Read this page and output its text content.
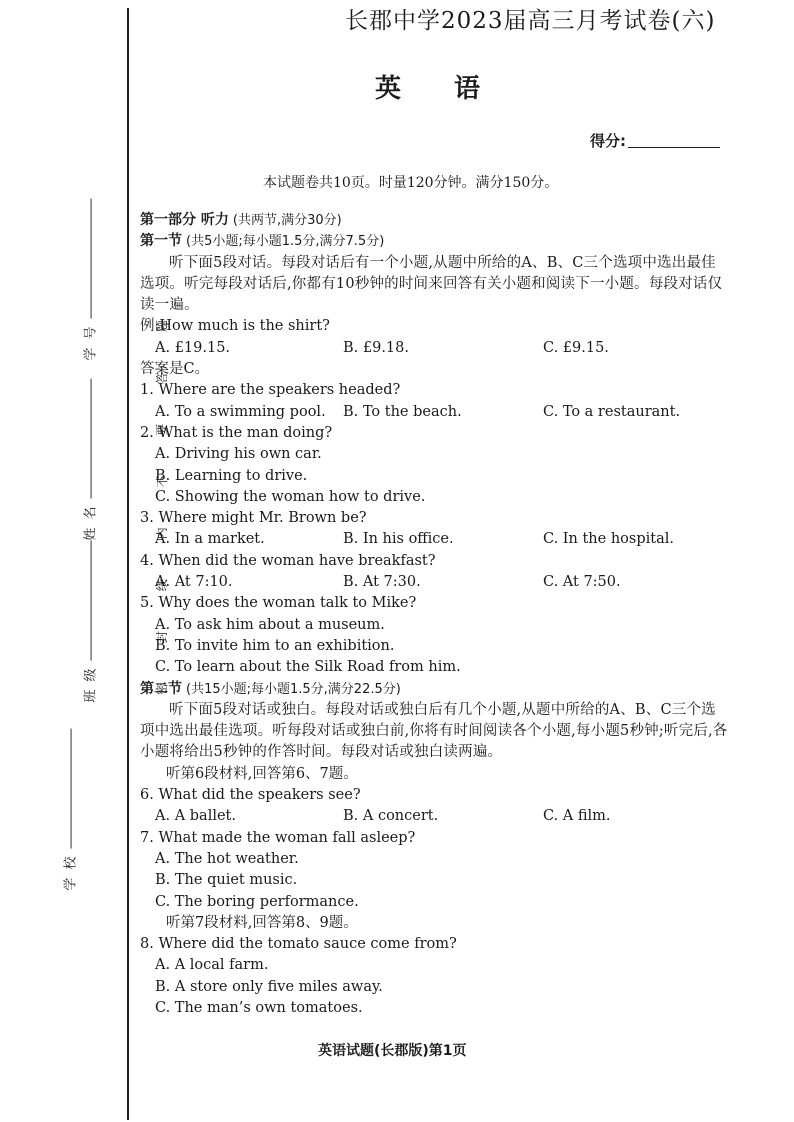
学 校
班 级
姓 名
学 号	密 封 线 内 不 要 答 题
长郡中学2023届高三月考试卷(六)
英 语
得分:
本试题卷共10页。时量120分钟。满分150分。

第一部分 听力 (共两节,满分30分)

第一节 (共5小题;每小题1.5分,满分7.5分)

听下面5段对话。每段对话后有一个小题,从题中所给的A、B、C三个选项中选出最佳选项。听完每段对话后,你都有10秒钟的时间来回答有关小题和阅读下一小题。每段对话仅读一遍。

例:How much is the shirt?

A. £19.15.	B. £9.18.	C. £9.15.

答案是C。

1. Where are the speakers headed?

A. To a swimming pool.	B. To the beach.	C. To a restaurant.

2. What is the man doing?

A. Driving his own car.

B. Learning to drive.

C. Showing the woman how to drive.

3. Where might Mr. Brown be?

A. In a market.	B. In his office.	C. In the hospital.

4. When did the woman have breakfast?

A. At 7:10.	B. At 7:30.	C. At 7:50.

5. Why does the woman talk to Mike?

A. To ask him about a museum.

B. To invite him to an exhibition.

C. To learn about the Silk Road from him.

第二节 (共15小题;每小题1.5分,满分22.5分)

听下面5段对话或独白。每段对话或独白后有几个小题,从题中所给的A、B、C三个选项中选出最佳选项。听每段对话或独白前,你将有时间阅读各个小题,每小题5秒钟;听完后,各小题将给出5秒钟的作答时间。每段对话或独白读两遍。

听第6段材料,回答第6、7题。

6. What did the speakers see?

A. A ballet.	B. A concert.	C. A film.

7. What made the woman fall asleep?

A. The hot weather.

B. The quiet music.

C. The boring performance.

听第7段材料,回答第8、9题。

8. Where did the tomato sauce come from?

A. A local farm.

B. A store only five miles away.

C. The man’s own tomatoes.

英语试题(长郡版)第1页
